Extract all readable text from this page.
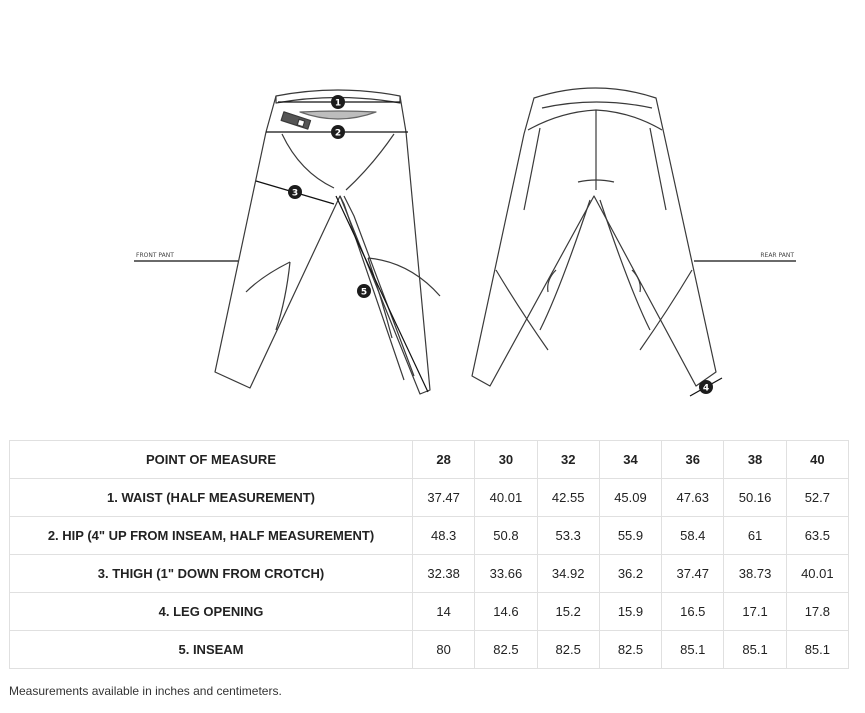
1
2
3
4
5
FRONT PANT	REAR PANT
POINT OF MEASURE	28	30	32	34	36	38	40
1. WAIST (HALF MEASUREMENT)	37.47	40.01	42.55	45.09	47.63	50.16	52.7
2. HIP (4" UP FROM INSEAM, HALF MEASUREMENT)	48.3	50.8	53.3	55.9	58.4	61	63.5
3. THIGH (1" DOWN FROM CROTCH)	32.38	33.66	34.92	36.2	37.47	38.73	40.01
4. LEG OPENING	14	14.6	15.2	15.9	16.5	17.1	17.8
5. INSEAM	80	82.5	82.5	82.5	85.1	85.1	85.1
Measurements available in inches and centimeters.
